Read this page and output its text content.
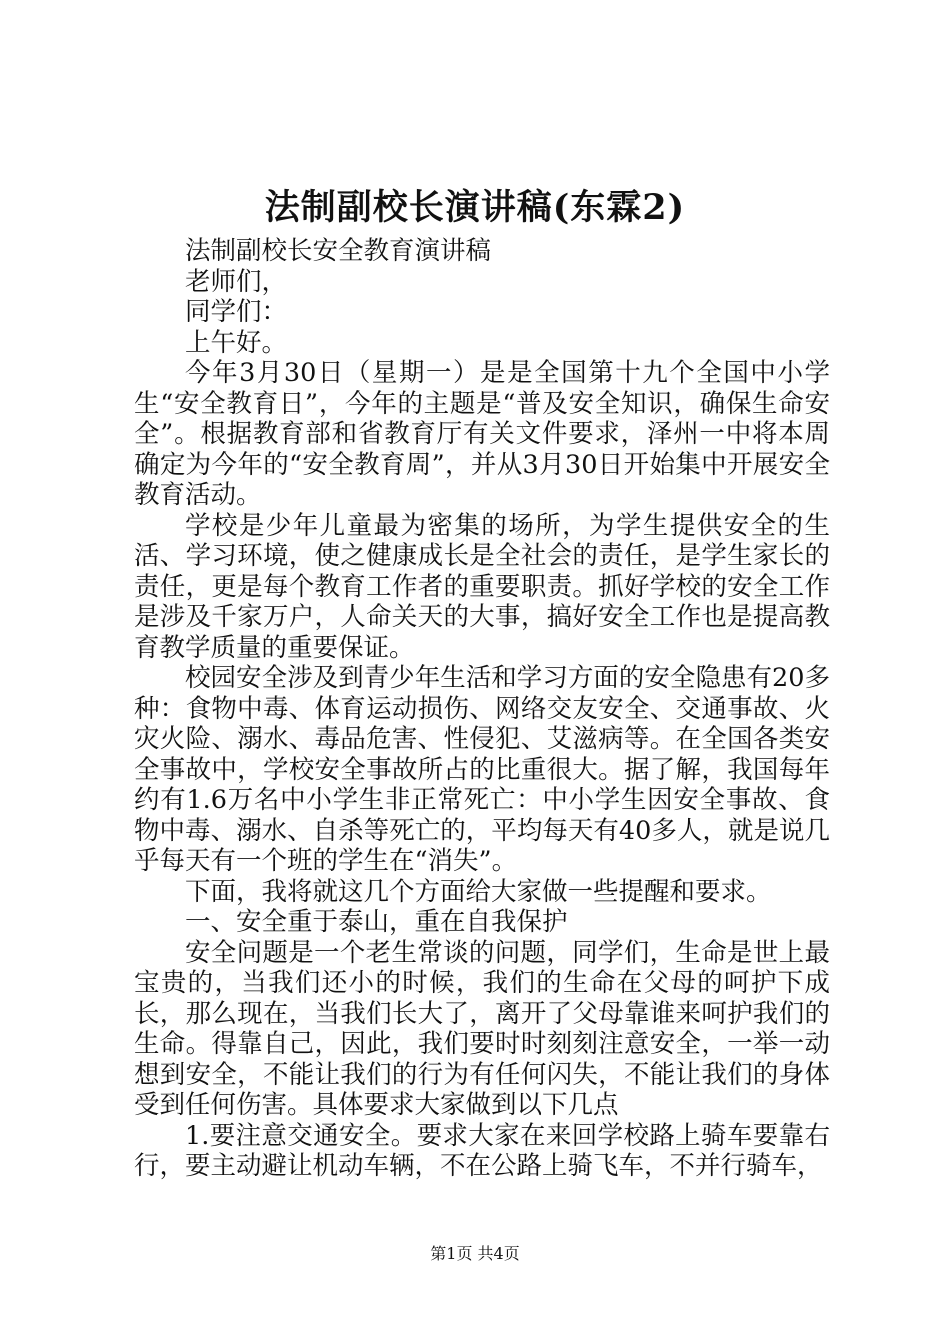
法制副校长演讲稿(东霖2)

法制副校长安全教育演讲稿

老师们，

同学们：

上午好。

今年3月30日（星期一）是是全国第十九个全国中小学生“安全教育日”，今年的主题是“普及安全知识，确保生命安全”。根据教育部和省教育厅有关文件要求，泽州一中将本周确定为今年的“安全教育周”，并从3月30日开始集中开展安全教育活动。

学校是少年儿童最为密集的场所，为学生提供安全的生活、学习环境，使之健康成长是全社会的责任，是学生家长的责任，更是每个教育工作者的重要职责。抓好学校的安全工作是涉及千家万户，人命关天的大事，搞好安全工作也是提高教育教学质量的重要保证。

校园安全涉及到青少年生活和学习方面的安全隐患有20多种：食物中毒、体育运动损伤、网络交友安全、交通事故、火灾火险、溺水、毒品危害、性侵犯、艾滋病等。在全国各类安全事故中，学校安全事故所占的比重很大。据了解，我国每年约有1.6万名中小学生非正常死亡：中小学生因安全事故、食物中毒、溺水、自杀等死亡的，平均每天有40多人，就是说几乎每天有一个班的学生在“消失”。

下面，我将就这几个方面给大家做一些提醒和要求。

一、安全重于泰山，重在自我保护

安全问题是一个老生常谈的问题，同学们，生命是世上最宝贵的，当我们还小的时候，我们的生命在父母的呵护下成长，那么现在，当我们长大了，离开了父母靠谁来呵护我们的生命。得靠自己，因此，我们要时时刻刻注意安全，一举一动想到安全，不能让我们的行为有任何闪失，不能让我们的身体受到任何伤害。具体要求大家做到以下几点

1.要注意交通安全。要求大家在来回学校路上骑车要靠右行，要主动避让机动车辆，不在公路上骑飞车，不并行骑车，

第1页 共4页
